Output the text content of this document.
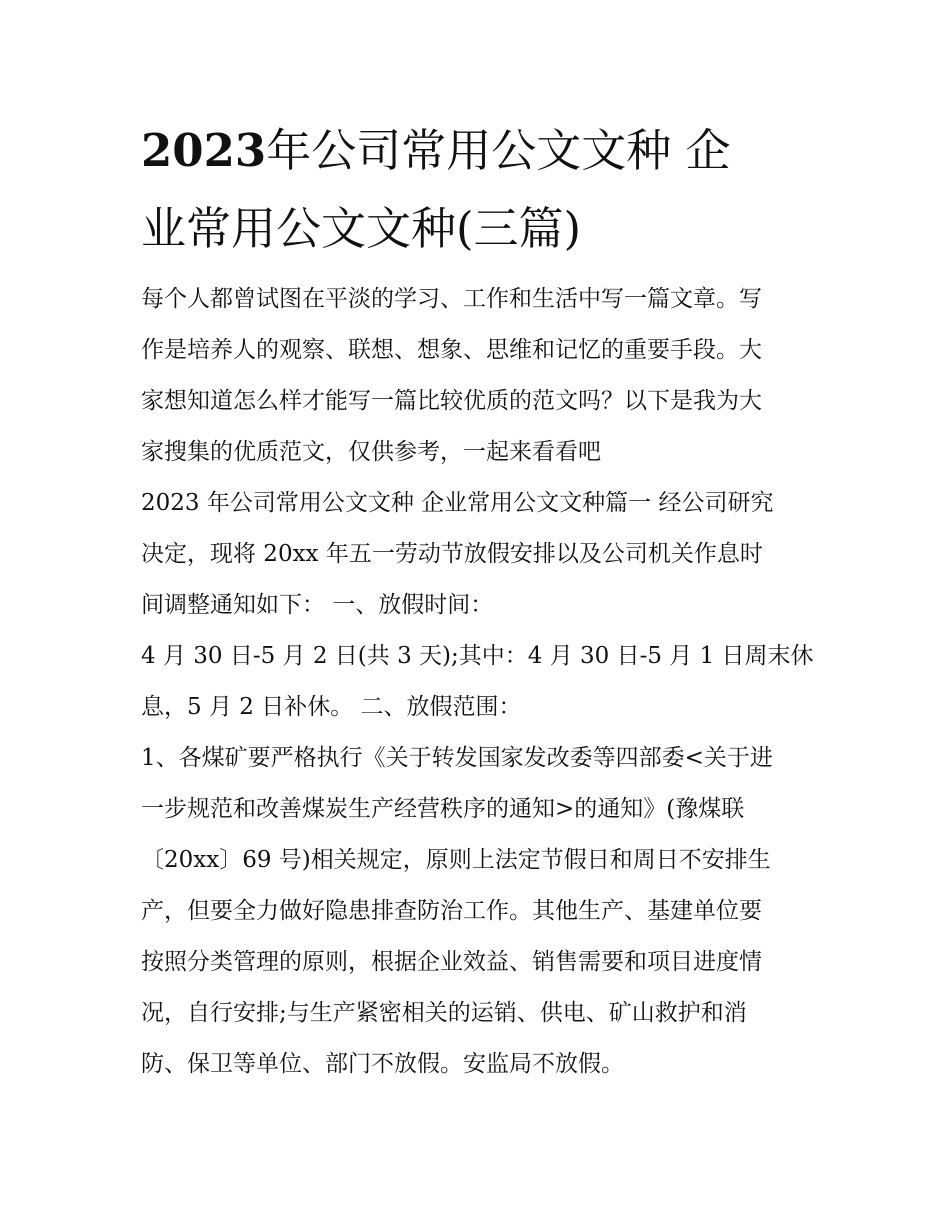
2023年公司常用公文文种 企
业常用公文文种(三篇)

每个人都曾试图在平淡的学习、工作和生活中写一篇文章。写
作是培养人的观察、联想、想象、思维和记忆的重要手段。大
家想知道怎么样才能写一篇比较优质的范文吗？以下是我为大
家搜集的优质范文，仅供参考，一起来看看吧

2023 年公司常用公文文种 企业常用公文文种篇一 经公司研究
决定，现将 20xx 年五一劳动节放假安排以及公司机关作息时
间调整通知如下： 一、放假时间：

4 月 30 日-5 月 2 日(共 3 天);其中：4 月 30 日-5 月 1 日周末休
息，5 月 2 日补休。 二、放假范围：

1、各煤矿要严格执行《关于转发国家发改委等四部委<关于进
一步规范和改善煤炭生产经营秩序的通知>的通知》(豫煤联
〔20xx〕69 号)相关规定，原则上法定节假日和周日不安排生
产，但要全力做好隐患排查防治工作。其他生产、基建单位要
按照分类管理的原则，根据企业效益、销售需要和项目进度情
况，自行安排;与生产紧密相关的运销、供电、矿山救护和消
防、保卫等单位、部门不放假。安监局不放假。
